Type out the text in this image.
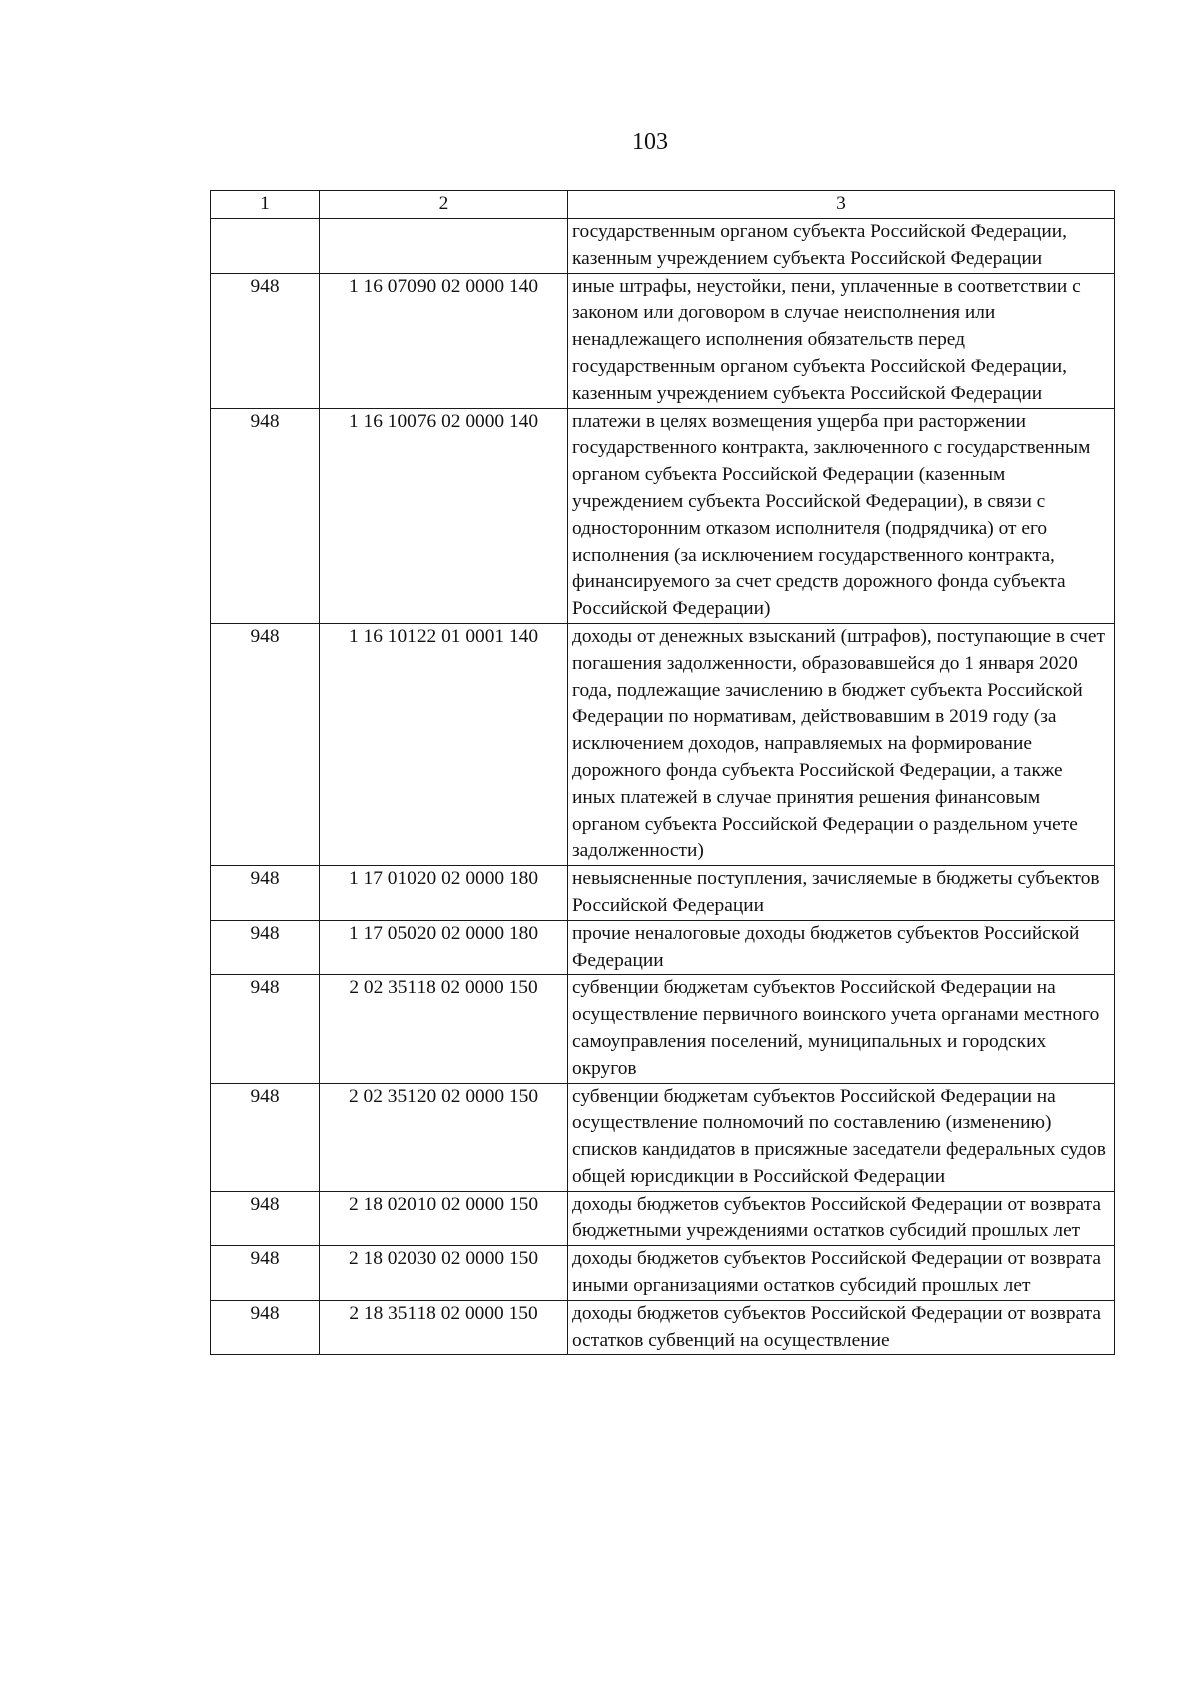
103
1	2	3
		государственным органом субъекта Российской Федерации, казенным учреждением субъекта Российской Федерации
948	1 16 07090 02 0000 140	иные штрафы, неустойки, пени, уплаченные в соответствии с законом или договором в случае неисполнения или ненадлежащего исполнения обязательств перед государственным органом субъекта Российской Федерации, казенным учреждением субъекта Российской Федерации
948	1 16 10076 02 0000 140	платежи в целях возмещения ущерба при расторжении государственного контракта, заключенного с государственным органом субъекта Российской Федерации (казенным учреждением субъекта Российской Федерации), в связи с односторонним отказом исполнителя (подрядчика) от его исполнения (за исключением государственного контракта, финансируемого за счет средств дорожного фонда субъекта Российской Федерации)
948	1 16 10122 01 0001 140	доходы от денежных взысканий (штрафов), поступающие в счет погашения задолженности, образовавшейся до 1 января 2020 года, подлежащие зачислению в бюджет субъекта Российской Федерации по нормативам, действовавшим в 2019 году (за исключением доходов, направляемых на формирование дорожного фонда субъекта Российской Федерации, а также иных платежей в случае принятия решения финансовым органом субъекта Российской Федерации о раздельном учете задолженности)
948	1 17 01020 02 0000 180	невыясненные поступления, зачисляемые в бюджеты субъектов Российской Федерации
948	1 17 05020 02 0000 180	прочие неналоговые доходы бюджетов субъектов Российской Федерации
948	2 02 35118 02 0000 150	субвенции бюджетам субъектов Российской Федерации на осуществление первичного воинского учета органами местного самоуправления поселений, муниципальных и городских округов
948	2 02 35120 02 0000 150	субвенции бюджетам субъектов Российской Федерации на осуществление полномочий по составлению (изменению) списков кандидатов в присяжные заседатели федеральных судов общей юрисдикции в Российской Федерации
948	2 18 02010 02 0000 150	доходы бюджетов субъектов Российской Федерации от возврата бюджетными учреждениями остатков субсидий прошлых лет
948	2 18 02030 02 0000 150	доходы бюджетов субъектов Российской Федерации от возврата иными организациями остатков субсидий прошлых лет
948	2 18 35118 02 0000 150	доходы бюджетов субъектов Российской Федерации от возврата остатков субвенций на осуществление
